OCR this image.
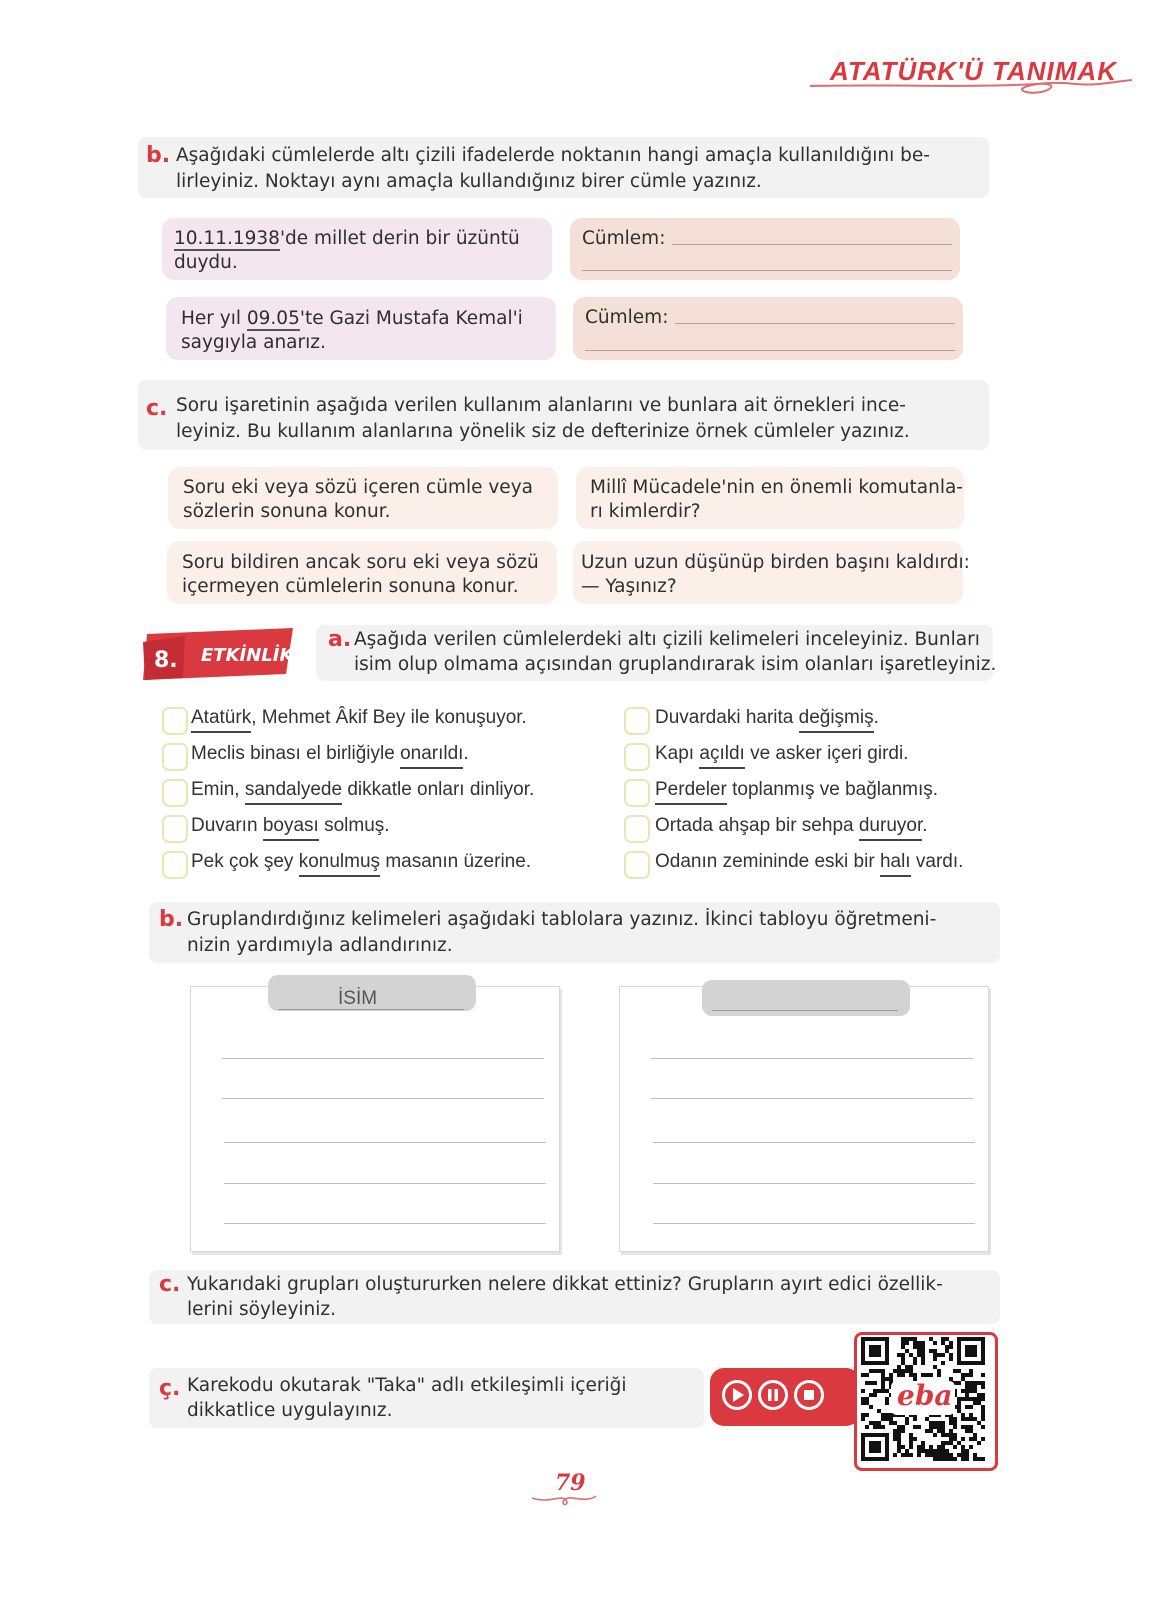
ATATÜRK'Ü TANIMAK
b. Aşağıdaki cümlelerde altı çizili ifadelerde noktanın hangi amaçla kullanıldığını be-
lirleyiniz. Noktayı aynı amaçla kullandığınız birer cümle yazınız.
10.11.1938'de millet derin bir üzüntü
duydu.
Cümlem:
Her yıl 09.05'te Gazi Mustafa Kemal'i
saygıyla anarız.
Cümlem:
c. Soru işaretinin aşağıda verilen kullanım alanlarını ve bunlara ait örnekleri ince-
leyiniz. Bu kullanım alanlarına yönelik siz de defterinize örnek cümleler yazınız.
Soru eki veya sözü içeren cümle veya
sözlerin sonuna konur.
Millî Mücadele'nin en önemli komutanla-
rı kimlerdir?
Soru bildiren ancak soru eki veya sözü
içermeyen cümlelerin sonuna konur.
Uzun uzun düşünüp birden başını kaldırdı:
— Yaşınız?
8. ETKİNLİK
a. Aşağıda verilen cümlelerdeki altı çizili kelimeleri inceleyiniz. Bunları
isim olup olmama açısından gruplandırarak isim olanları işaretleyiniz.
Atatürk, Mehmet Âkif Bey ile konuşuyor.
Meclis binası el birliğiyle onarıldı.
Emin, sandalyede dikkatle onları dinliyor.
Duvarın boyası solmuş.
Pek çok şey konulmuş masanın üzerine.
Duvardaki harita değişmiş.
Kapı açıldı ve asker içeri girdi.
Perdeler toplanmış ve bağlanmış.
Ortada ahşap bir sehpa duruyor.
Odanın zemininde eski bir halı vardı.
b. Gruplandırdığınız kelimeleri aşağıdaki tablolara yazınız. İkinci tabloyu öğretmeni-
nizin yardımıyla adlandırınız.
İSİM
c. Yukarıdaki grupları oluştururken nelere dikkat ettiniz? Grupların ayırt edici özellik-
lerini söyleyiniz.
ç. Karekodu okutarak "Taka" adlı etkileşimli içeriği
dikkatlice uygulayınız.	eba
79
